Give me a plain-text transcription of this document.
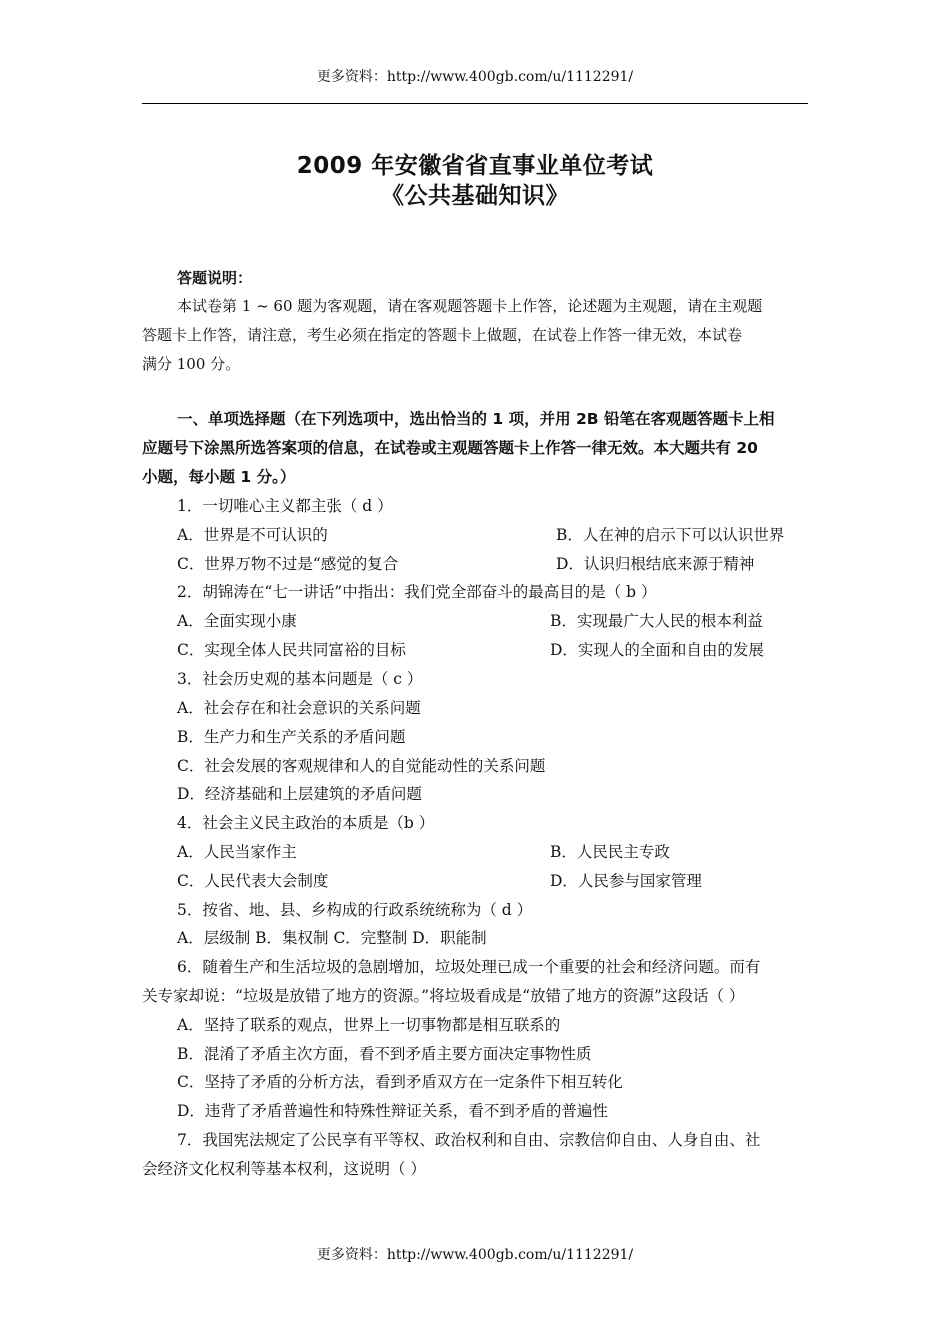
更多资料：http://www.400gb.com/u/1112291/
2009 年安徽省省直事业单位考试
《公共基础知识》
答题说明：
本试卷第 1 ~ 60 题为客观题，请在客观题答题卡上作答，论述题为主观题，请在主观题
答题卡上作答，请注意，考生必须在指定的答题卡上做题，在试卷上作答一律无效，本试卷
满分 100 分。
一、单项选择题（在下列选项中，选出恰当的 1 项，并用 2B 铅笔在客观题答题卡上相
应题号下涂黑所选答案项的信息，在试卷或主观题答题卡上作答一律无效。本大题共有 20
小题，每小题 1 分。）
1．一切唯心主义都主张（ d ）
A．世界是不可认识的	B．人在神的启示下可以认识世界
C．世界万物不过是“感觉的复合	D．认识归根结底来源于精神
2．胡锦涛在“七一讲话”中指出：我们党全部奋斗的最高目的是（ b ）
A．全面实现小康	B．实现最广大人民的根本利益
C．实现全体人民共同富裕的目标	D．实现人的全面和自由的发展
3．社会历史观的基本问题是（ c ）
A．社会存在和社会意识的关系问题
B．生产力和生产关系的矛盾问题
C．社会发展的客观规律和人的自觉能动性的关系问题
D．经济基础和上层建筑的矛盾问题
4．社会主义民主政治的本质是（b ）
A．人民当家作主	B．人民民主专政
C．人民代表大会制度	D．人民参与国家管理
5．按省、地、县、乡构成的行政系统统称为（ d ）
A．层级制 B．集权制 C．完整制 D．职能制
6．随着生产和生活垃圾的急剧增加，垃圾处理已成一个重要的社会和经济问题。而有
关专家却说：“垃圾是放错了地方的资源。”将垃圾看成是“放错了地方的资源”这段话（ ）
A．坚持了联系的观点，世界上一切事物都是相互联系的
B．混淆了矛盾主次方面，看不到矛盾主要方面决定事物性质
C．坚持了矛盾的分析方法，看到矛盾双方在一定条件下相互转化
D．违背了矛盾普遍性和特殊性辩证关系，看不到矛盾的普遍性
7．我国宪法规定了公民享有平等权、政治权利和自由、宗教信仰自由、人身自由、社
会经济文化权利等基本权利，这说明（ ）
更多资料：http://www.400gb.com/u/1112291/
